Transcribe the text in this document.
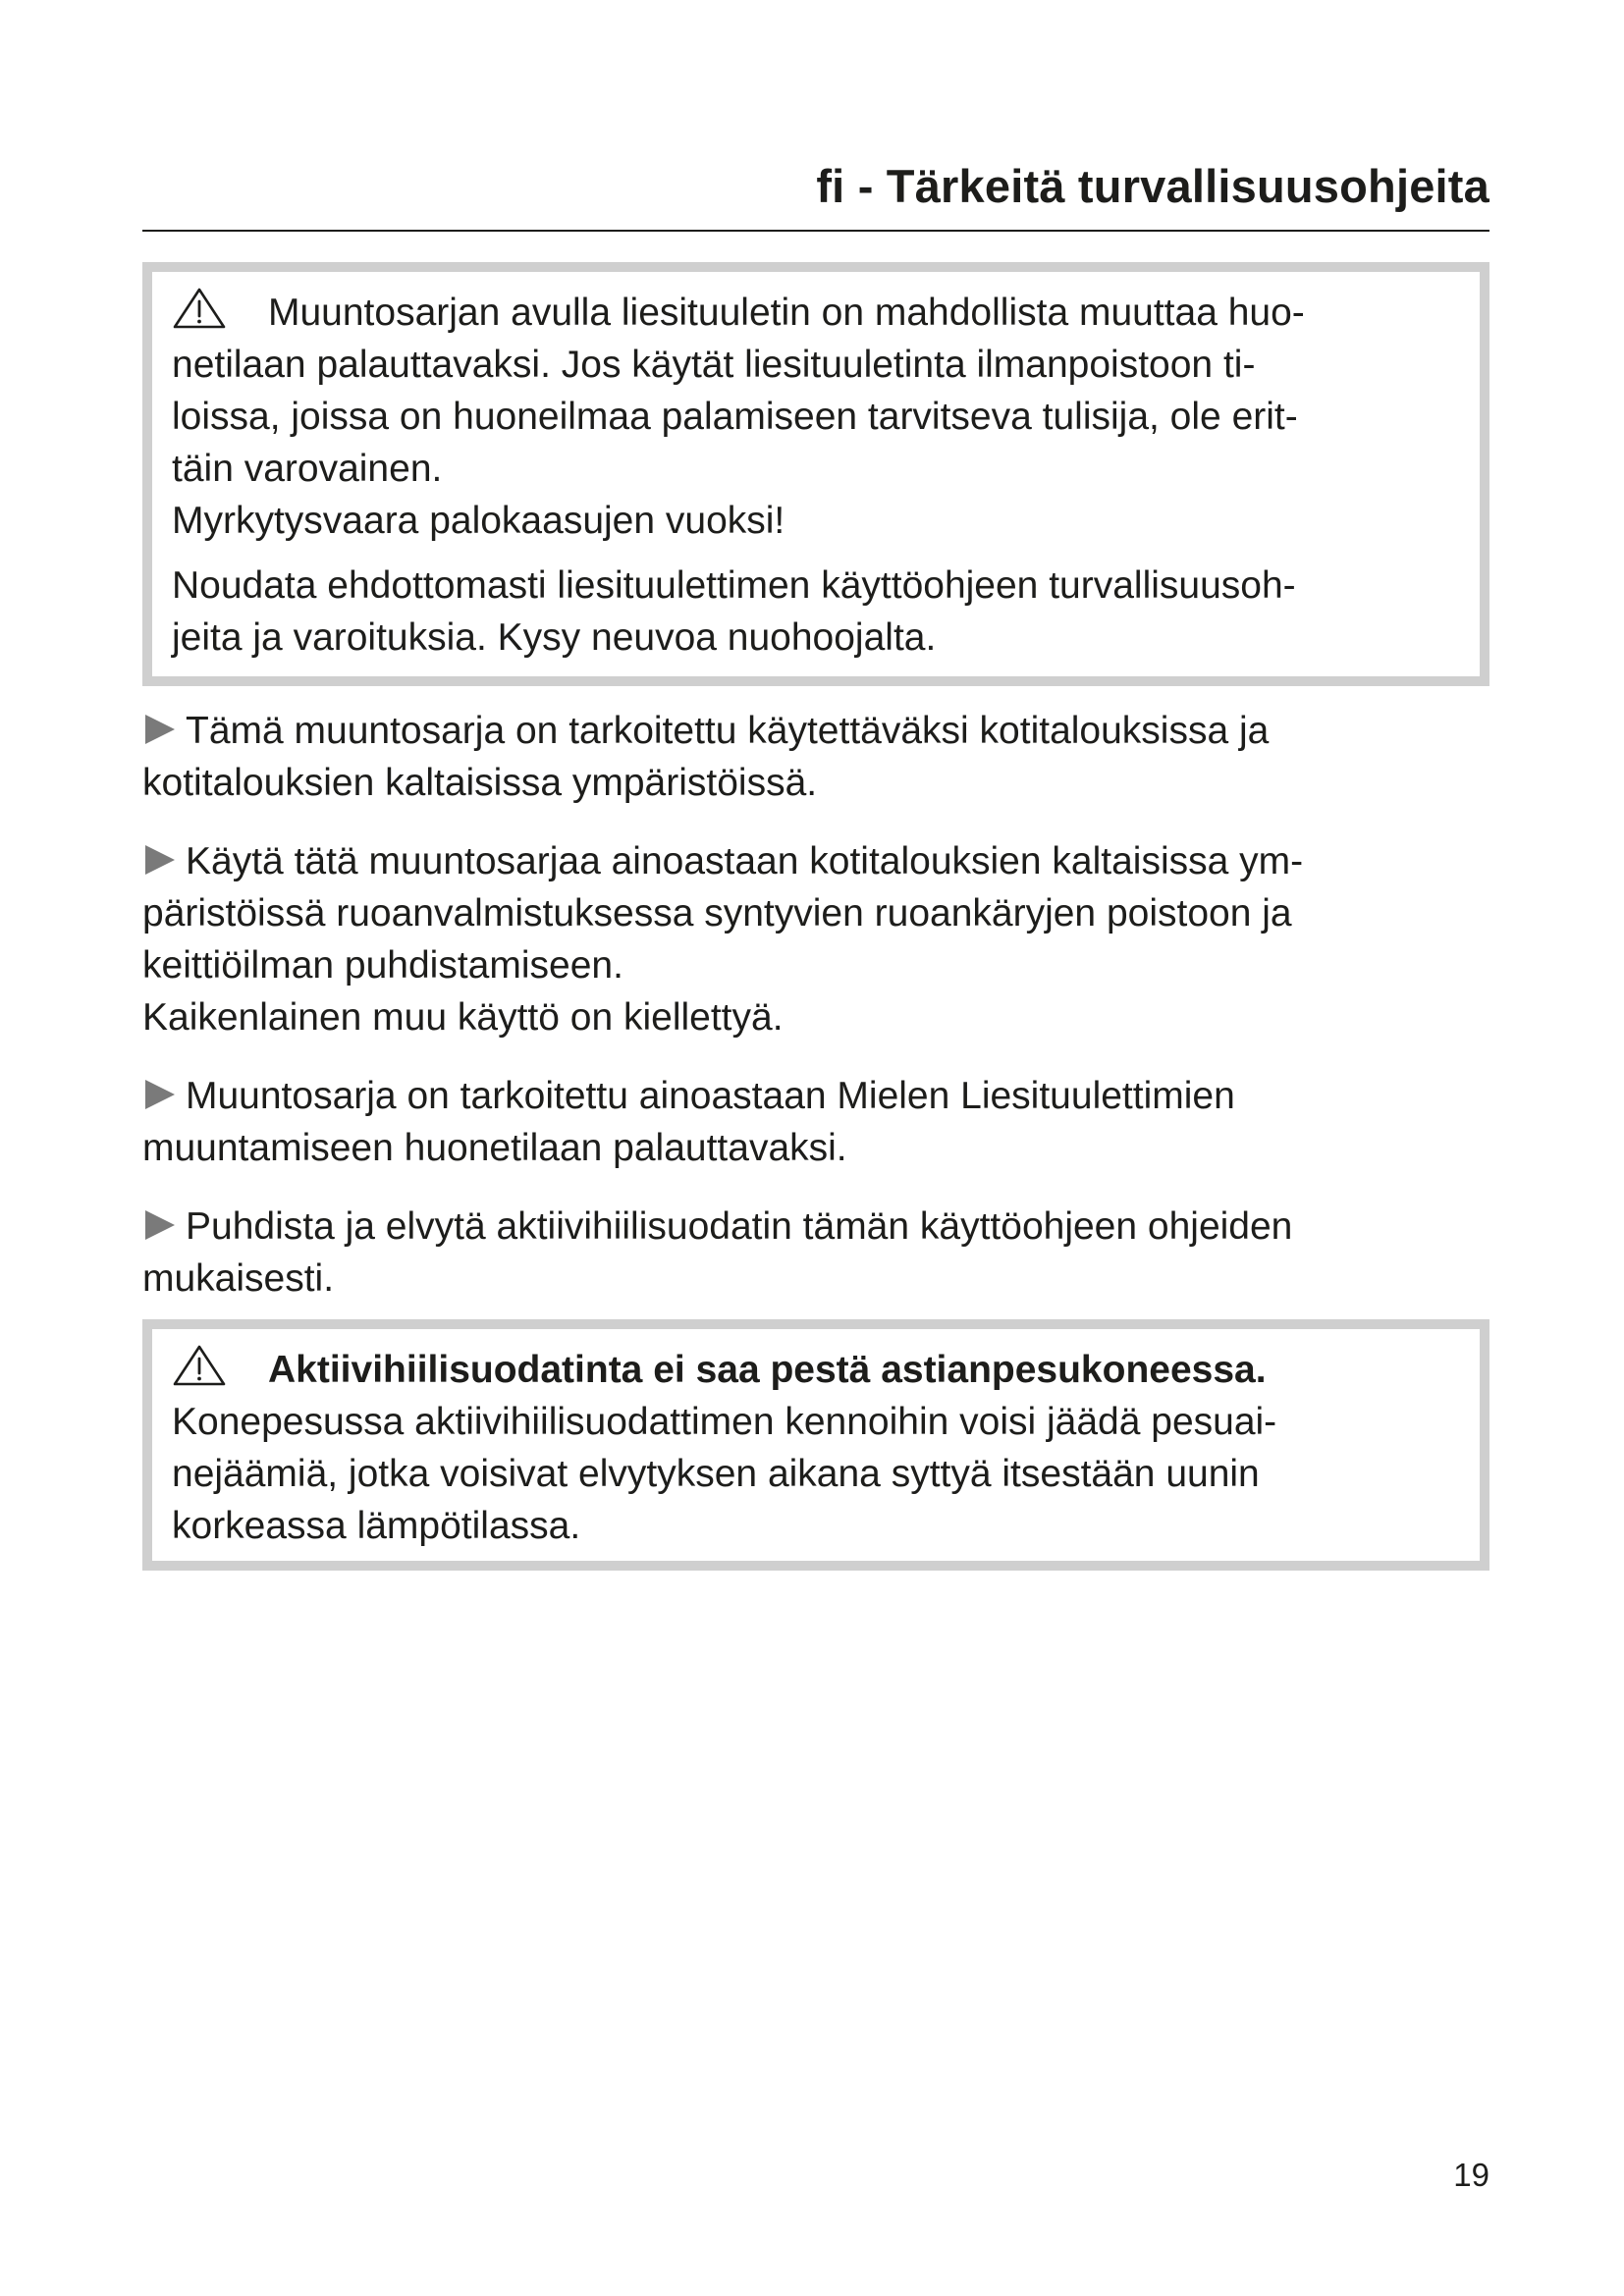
fi - Tärkeitä turvallisuusohjeita

Muuntosarjan avulla liesituuletin on mahdollista muuttaa huo-

netilaan palauttavaksi. Jos käytät liesituuletinta ilmanpoistoon ti-

loissa, joissa on huoneilmaa palamiseen tarvitseva tulisija, ole erit-

täin varovainen.

Myrkytysvaara palokaasujen vuoksi!

Noudata ehdottomasti liesituulettimen käyttöohjeen turvallisuusoh-

jeita ja varoituksia. Kysy neuvoa nuohoojalta.

Tämä muuntosarja on tarkoitettu käytettäväksi kotitalouksissa ja

kotitalouksien kaltaisissa ympäristöissä.

Käytä tätä muuntosarjaa ainoastaan kotitalouksien kaltaisissa ym-

päristöissä ruoanvalmistuksessa syntyvien ruoankäryjen poistoon ja

keittiöilman puhdistamiseen.

Kaikenlainen muu käyttö on kiellettyä.

Muuntosarja on tarkoitettu ainoastaan Mielen Liesituulettimien

muuntamiseen huonetilaan palauttavaksi.

Puhdista ja elvytä aktiivihiilisuodatin tämän käyttöohjeen ohjeiden

mukaisesti.

Aktiivihiilisuodatinta ei saa pestä astianpesukoneessa.

Konepesussa aktiivihiilisuodattimen kennoihin voisi jäädä pesuai-

nejäämiä, jotka voisivat elvytyksen aikana syttyä itsestään uunin

korkeassa lämpötilassa.

19
